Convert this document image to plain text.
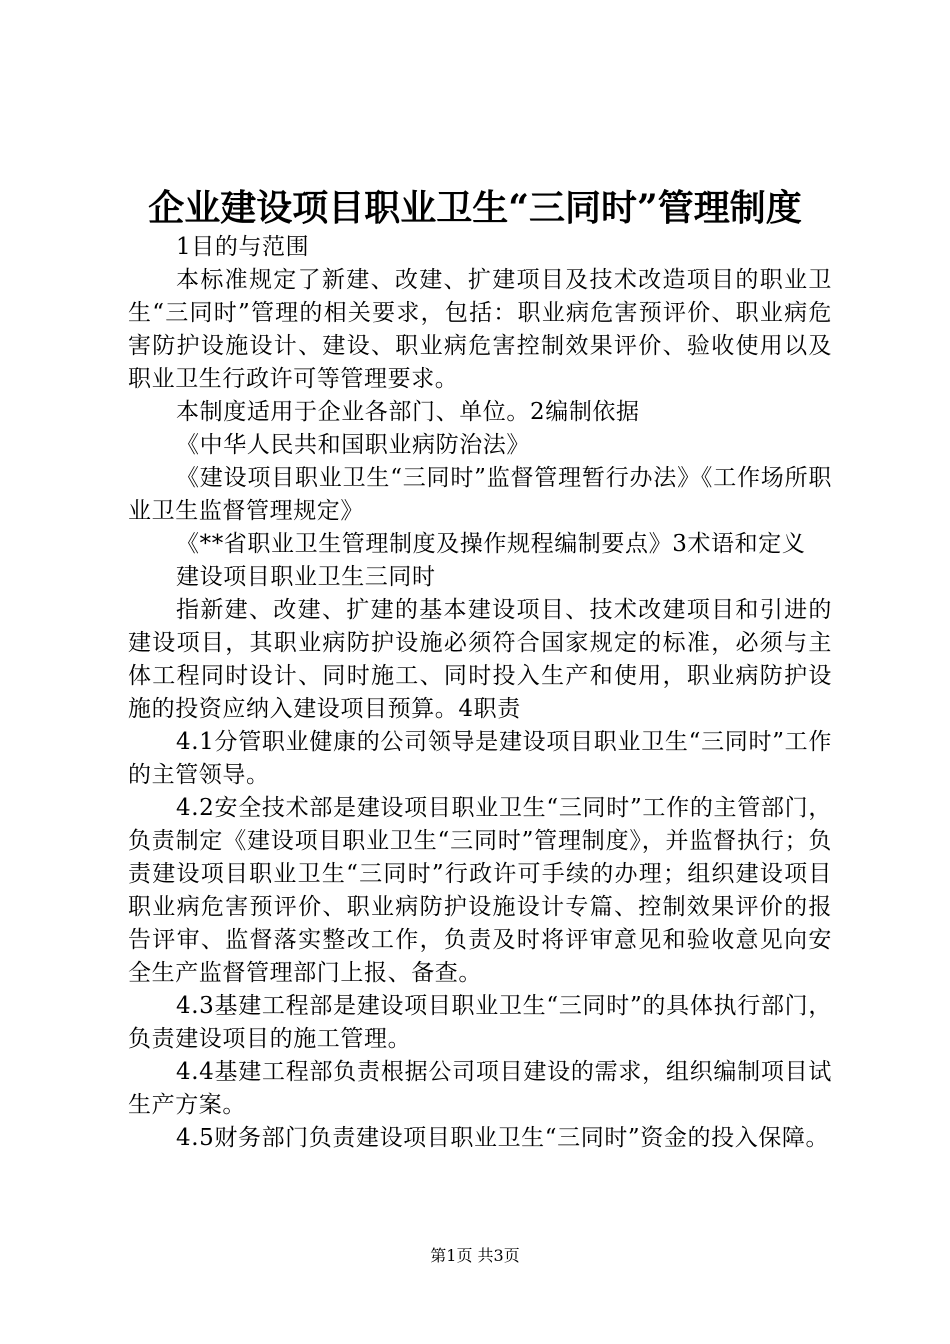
企业建设项目职业卫生“三同时”管理制度

1目的与范围

本标准规定了新建、改建、扩建项目及技术改造项目的职业卫生“三同时”管理的相关要求，包括：职业病危害预评价、职业病危害防护设施设计、建设、职业病危害控制效果评价、验收使用以及职业卫生行政许可等管理要求。

本制度适用于企业各部门、单位。2编制依据

《中华人民共和国职业病防治法》

《建设项目职业卫生“三同时”监督管理暂行办法》《工作场所职业卫生监督管理规定》

《**省职业卫生管理制度及操作规程编制要点》3术语和定义

建设项目职业卫生三同时

指新建、改建、扩建的基本建设项目、技术改建项目和引进的建设项目，其职业病防护设施必须符合国家规定的标准，必须与主体工程同时设计、同时施工、同时投入生产和使用，职业病防护设施的投资应纳入建设项目预算。4职责

4.1分管职业健康的公司领导是建设项目职业卫生“三同时”工作的主管领导。

4.2安全技术部是建设项目职业卫生“三同时”工作的主管部门，负责制定《建设项目职业卫生“三同时”管理制度》，并监督执行；负责建设项目职业卫生“三同时”行政许可手续的办理；组织建设项目职业病危害预评价、职业病防护设施设计专篇、控制效果评价的报告评审、监督落实整改工作，负责及时将评审意见和验收意见向安全生产监督管理部门上报、备查。

4.3基建工程部是建设项目职业卫生“三同时”的具体执行部门，负责建设项目的施工管理。

4.4基建工程部负责根据公司项目建设的需求，组织编制项目试生产方案。

4.5财务部门负责建设项目职业卫生“三同时”资金的投入保障。

第1页 共3页
